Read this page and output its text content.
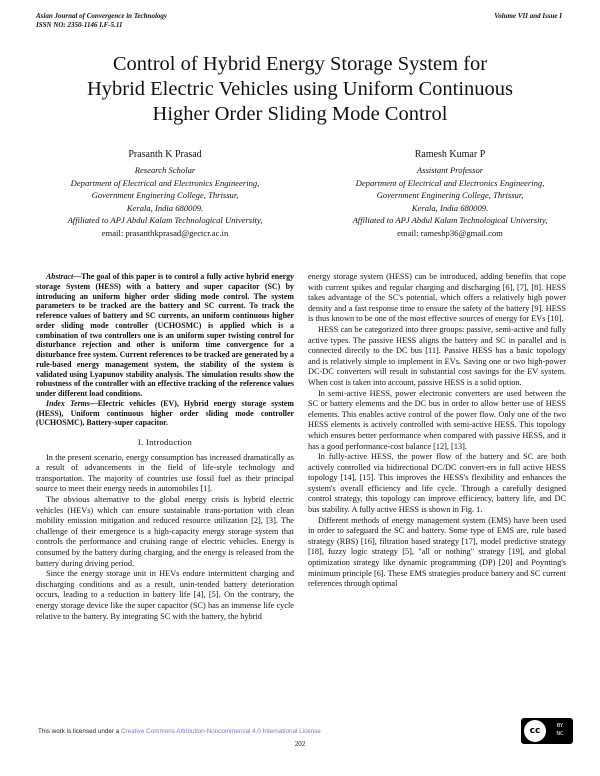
Asian Journal of Convergence in Technology
ISSN NO: 2350-1146 I.F-5.11
Volume VII and Issue I
Control of Hybrid Energy Storage System for
Hybrid Electric Vehicles using Uniform Continuous
Higher Order Sliding Mode Control
Prasanth K Prasad
Research Scholar
Department of Electrical and Electronics Engineering,
Government Enginering College, Thrissur,
Kerala, India 680009.
Affiliated to APJ Abdul Kalam Technological University,
email: prasanthkprasad@gectcr.ac.in
Ramesh Kumar P
Assistant Professor
Department of Electrical and Electronics Engineering,
Government Enginering College, Thrissur,
Kerala, India 680009.
Affiliated to APJ Abdul Kalam Technological University,
email: rameshp36@gmail.com

Abstract—The goal of this paper is to control a fully active hybrid energy storage System (HESS) with a battery and super capacitor (SC) by introducing an uniform higher order sliding mode control. The system parameters to be tracked are the battery and SC current. To track the reference values of battery and SC currents, an uniform continuous higher order sliding mode controller (UCHOSMC) is applied which is a combination of two controllers one is an uniform super twisting control for disturbance rejection and other is uniform time convergence for a disturbance free system. Current references to be tracked are generated by a rule-based energy management system, the stability of the system is validated using Lyapunov stability analysis. The simulation results show the robustness of the controller with an effective tracking of the reference values under different load conditions.

Index Terms—Electric vehicles (EV), Hybrid energy storage system (HESS), Uniform continuous higher order sliding mode controller (UCHOSMC), Battery-super capacitor.

I. Introduction

In the present scenario, energy consumption has increased dramatically as a result of advancements in the field of life-style technology and transportation. The majority of countries use fossil fuel as their principal source to meet their energy needs in automobiles [1].

The obvious alternative to the global energy crisis is hybrid electric vehicles (HEVs) which can ensure sustainable trans-portation with clean mobility emission mitigation and reduced resource utilization [2], [3]. The challenge of their emergence is a high-capacity energy storage system that controls the performance and cruising range of electric vehicles. Energy is consumed by the battery during charging, and the energy is released from the battery during driving period.

Since the energy storage unit in HEVs endure intermittent charging and discharging conditions and as a result, unin-tended battery deterioration occurs, leading to a reduction in battery life [4], [5]. On the contrary, the energy storage device like the super capacitor (SC) has an immense life cycle relative to the battery. By integrating SC with the battery, the hybrid

energy storage system (HESS) can be introduced, adding benefits that cope with current spikes and regular charging and discharging [6], [7], [8]. HESS takes advantage of the SC's potential, which offers a relatively high power density and a fast response time to ensure the safety of the battery [9]. HESS is thus known to be one of the most effective sources of energy for EVs [10].

HESS can be categorized into three groups: passive, semi-active and fully active types. The passive HESS aligns the battery and SC in parallel and is connected directly to the DC bus [11]. Passive HESS has a basic topology and is relatively simple to implement in EVs. Saving one or two high-power DC-DC converters will result in substantial cost savings for the EV system. When cost is taken into account, passive HESS is a solid option.

In semi-active HESS, power electronic converters are used between the SC or battery elements and the DC bus in order to allow better use of HESS elements. This enables active control of the power flow. Only one of the two HESS elements is actively controlled with semi-active HESS. This topology which ensures better performance when compared with passive HESS, and it has a good performance-cost balance [12], [13].

In fully-active HESS, the power flow of the battery and SC are both actively controlled via bidirectional DC/DC convert-ers in full active HESS topology [14], [15]. This improves the HESS's flexibility and enhances the system's overall efficiency and life cycle. Through a carefully designed control strategy, this topology can improve efficiency, battery life, and DC bus stability. A fully active HESS is shown in Fig. 1.

Different methods of energy management system (EMS) have been used in order to safeguard the SC and battery. Some type of EMS are, rule based strategy (RBS) [16], filtration based strategy [17], model predictive strategy [18], fuzzy logic strategy [5], "all or nothing" strategy [19], and global optimization strategy like dynamic programming (DP) [20] and Poynting's minimum principle [6]. These EMS strategies produce battery and SC current references through optimal

This work is licensed under a Creative Commons Attribution-Noncommercial 4.0 International License
202
cc	BY
NC
